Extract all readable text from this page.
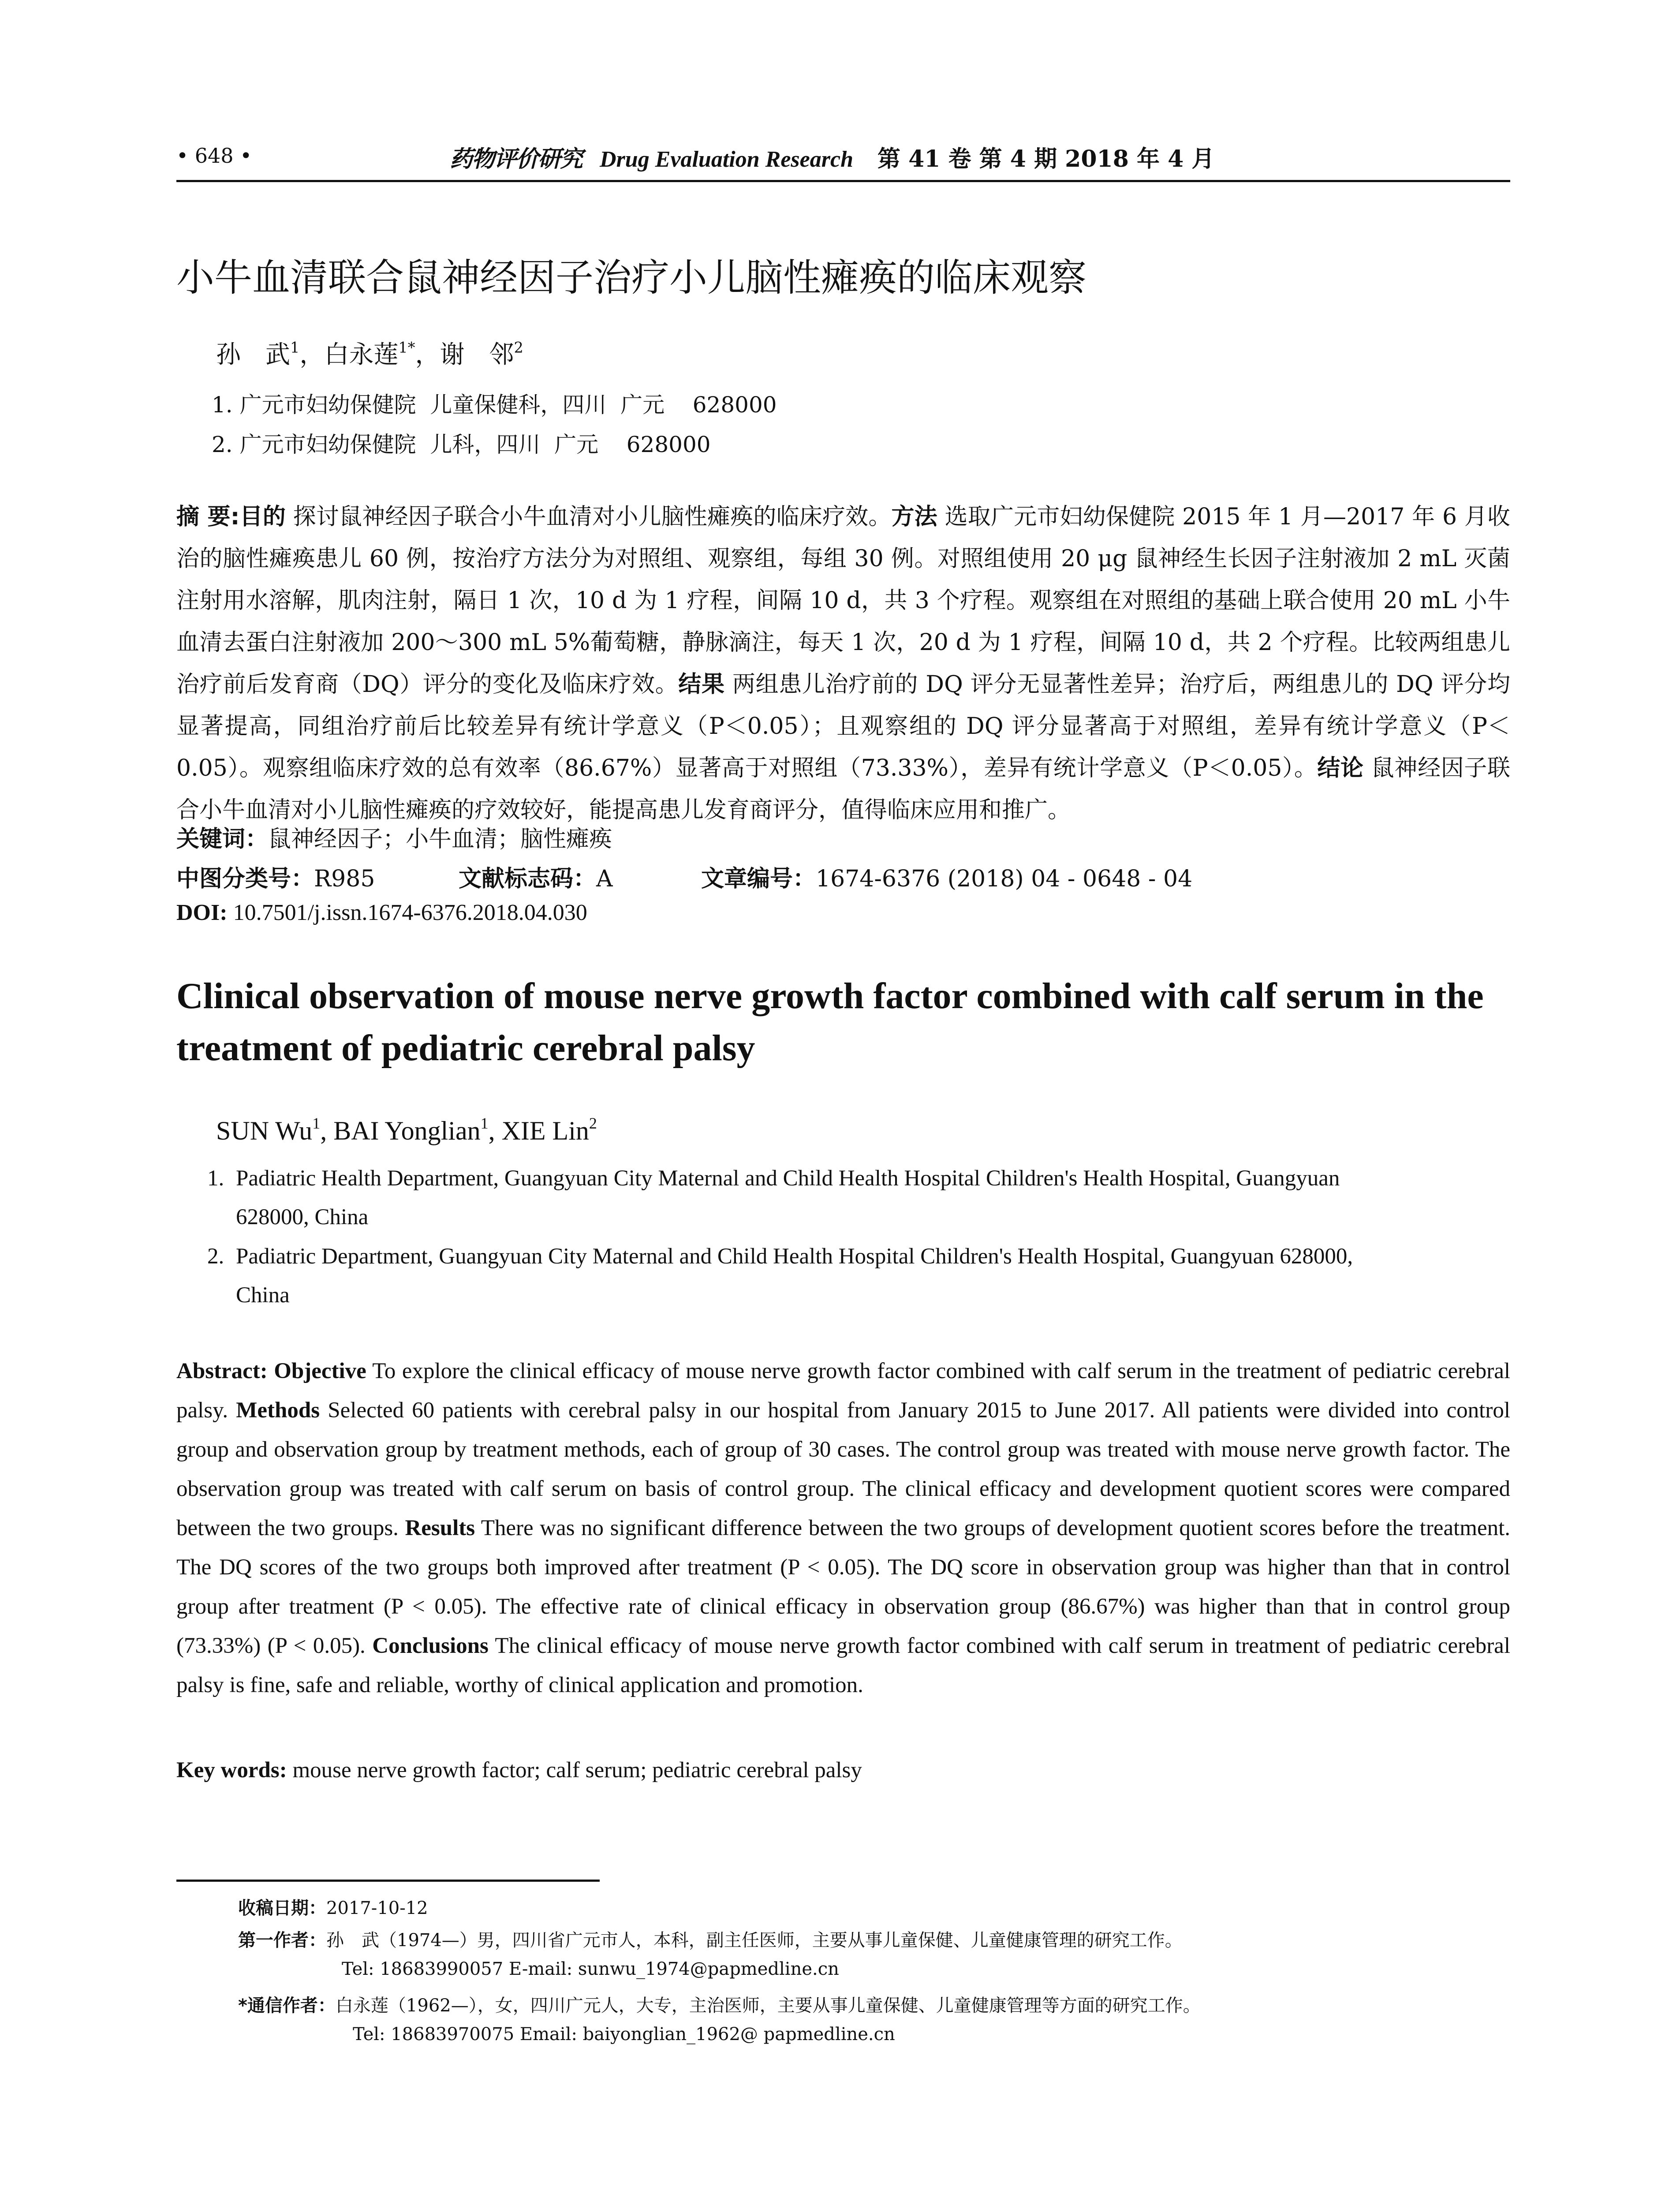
• 648 •	药物评价研究 Drug Evaluation Research 第 41 卷 第 4 期 2018 年 4 月
小牛血清联合鼠神经因子治疗小儿脑性瘫痪的临床观察
孙　武$^1$，白永莲$^{1*}$，谢　邻$^2$
1. 广元市妇幼保健院  儿童保健科，四川  广元    628000
2. 广元市妇幼保健院  儿科，四川  广元    628000
摘 要:目的 探讨鼠神经因子联合小牛血清对小儿脑性瘫痪的临床疗效。方法 选取广元市妇幼保健院 2015 年 1 月—2017 年 6 月收治的脑性瘫痪患儿 60 例，按治疗方法分为对照组、观察组，每组 30 例。对照组使用 20 μg 鼠神经生长因子注射液加 2 mL 灭菌注射用水溶解，肌肉注射，隔日 1 次，10 d 为 1 疗程，间隔 10 d，共 3 个疗程。观察组在对照组的基础上联合使用 20 mL 小牛血清去蛋白注射液加 200～300 mL 5%葡萄糖，静脉滴注，每天 1 次，20 d 为 1 疗程，间隔 10 d，共 2 个疗程。比较两组患儿治疗前后发育商（DQ）评分的变化及临床疗效。结果 两组患儿治疗前的 DQ 评分无显著性差异；治疗后，两组患儿的 DQ 评分均显著提高，同组治疗前后比较差异有统计学意义（P＜0.05）；且观察组的 DQ 评分显著高于对照组，差异有统计学意义（P＜0.05）。观察组临床疗效的总有效率（86.67%）显著高于对照组（73.33%），差异有统计学意义（P＜0.05）。结论 鼠神经因子联合小牛血清对小儿脑性瘫痪的疗效较好，能提高患儿发育商评分，值得临床应用和推广。
关键词：鼠神经因子；小牛血清；脑性瘫痪
中图分类号：R985	文献标志码：A	文章编号：1674-6376 (2018) 04 - 0648 - 04
DOI: 10.7501/j.issn.1674-6376.2018.04.030
Clinical observation of mouse nerve growth factor combined with calf serum in the treatment of pediatric cerebral palsy
SUN Wu$^1$, BAI Yonglian$^1$, XIE Lin$^2$
1. Padiatric Health Department, Guangyuan City Maternal and Child Health Hospital Children's Health Hospital, Guangyuan
628000, China
2. Padiatric Department, Guangyuan City Maternal and Child Health Hospital Children's Health Hospital, Guangyuan 628000,
China
Abstract: Objective To explore the clinical efficacy of mouse nerve growth factor combined with calf serum in the treatment of pediatric cerebral palsy. Methods Selected 60 patients with cerebral palsy in our hospital from January 2015 to June 2017. All patients were divided into control group and observation group by treatment methods, each of group of 30 cases. The control group was treated with mouse nerve growth factor. The observation group was treated with calf serum on basis of control group. The clinical efficacy and development quotient scores were compared between the two groups. Results There was no significant difference between the two groups of development quotient scores before the treatment. The DQ scores of the two groups both improved after treatment (P < 0.05). The DQ score in observation group was higher than that in control group after treatment (P < 0.05). The effective rate of clinical efficacy in observation group (86.67%) was higher than that in control group (73.33%) (P < 0.05). Conclusions The clinical efficacy of mouse nerve growth factor combined with calf serum in treatment of pediatric cerebral palsy is fine, safe and reliable, worthy of clinical application and promotion.
Key words: mouse nerve growth factor; calf serum; pediatric cerebral palsy
收稿日期：2017-10-12
第一作者：孙　武（1974—）男，四川省广元市人，本科，副主任医师，主要从事儿童保健、儿童健康管理的研究工作。
Tel: 18683990057 E-mail: sunwu_1974@papmedline.cn
*通信作者：白永莲（1962—），女，四川广元人，大专，主治医师，主要从事儿童保健、儿童健康管理等方面的研究工作。
Tel: 18683970075 Email: baiyonglian_1962@ papmedline.cn
